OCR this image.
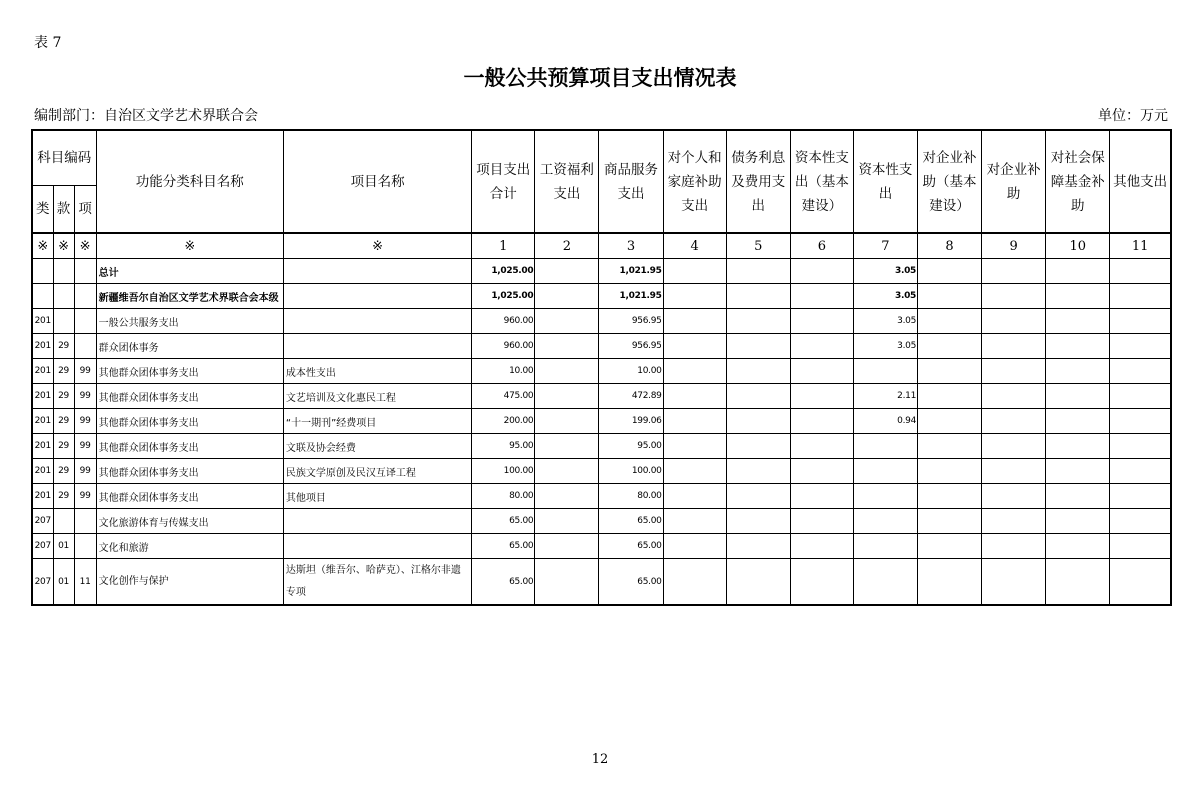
表 7
一般公共预算项目支出情况表
编制部门：自治区文学艺术界联合会	单位：万元
科目编码			功能分类科目名称	项目名称	项目支出合计	工资福利支出	商品服务支出	对个人和家庭补助支出	债务利息及费用支出	资本性支出（基本建设）	资本性支出	对企业补助（基本建设）	对企业补助	对社会保障基金补助	其他支出
类	款	项													
※	※	※	※	※	1	2	3	4	5	6	7	8	9	10	11
			总计		1,025.00		1,021.95				3.05				
			新疆维吾尔自治区文学艺术界联合会本级		1,025.00		1,021.95				3.05				
201			一般公共服务支出		960.00		956.95				3.05				
201	29		群众团体事务		960.00		956.95				3.05				
201	29	99	其他群众团体事务支出	成本性支出	10.00		10.00								
201	29	99	其他群众团体事务支出	文艺培训及文化惠民工程	475.00		472.89				2.11				
201	29	99	其他群众团体事务支出	“十一期刊”经费项目	200.00		199.06				0.94				
201	29	99	其他群众团体事务支出	文联及协会经费	95.00		95.00								
201	29	99	其他群众团体事务支出	民族文学原创及民汉互译工程	100.00		100.00								
201	29	99	其他群众团体事务支出	其他项目	80.00		80.00								
207			文化旅游体育与传媒支出		65.00		65.00								
207	01		文化和旅游		65.00		65.00								
207	01	11	文化创作与保护	达斯坦（维吾尔、哈萨克）、江格尔非遗专项	65.00		65.00								
12
